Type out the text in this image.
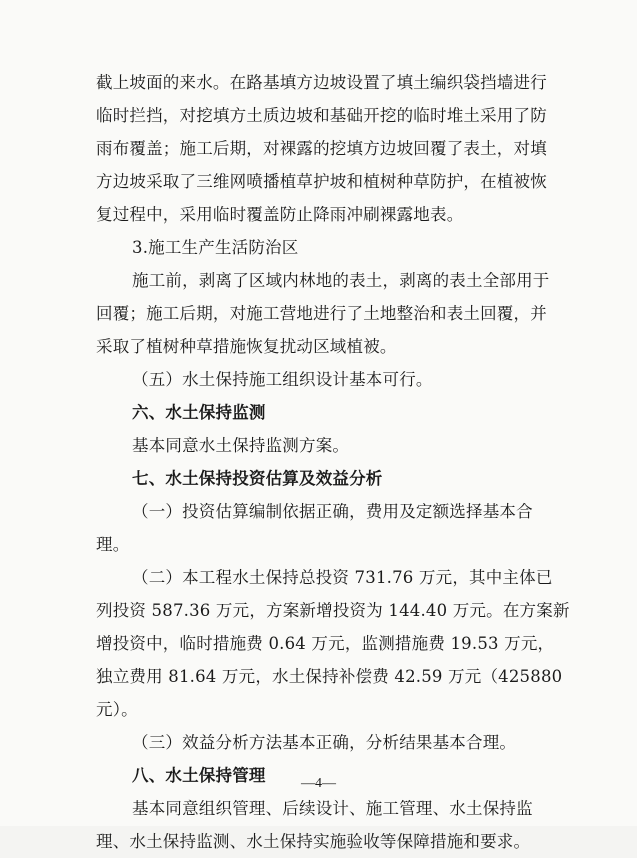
截上坡面的来水。在路基填方边坡设置了填土编织袋挡墙进行

临时拦挡，对挖填方土质边坡和基础开挖的临时堆土采用了防

雨布覆盖；施工后期，对裸露的挖填方边坡回覆了表土，对填

方边坡采取了三维网喷播植草护坡和植树种草防护，在植被恢

复过程中，采用临时覆盖防止降雨冲刷裸露地表。

3.施工生产生活防治区

施工前，剥离了区域内林地的表土，剥离的表土全部用于

回覆；施工后期，对施工营地进行了土地整治和表土回覆，并

采取了植树种草措施恢复扰动区域植被。

（五）水土保持施工组织设计基本可行。

六、水土保持监测

基本同意水土保持监测方案。

七、水土保持投资估算及效益分析

（一）投资估算编制依据正确，费用及定额选择基本合

理。

（二）本工程水土保持总投资 731.76 万元，其中主体已

列投资 587.36 万元，方案新增投资为 144.40 万元。在方案新

增投资中，临时措施费 0.64 万元，监测措施费 19.53 万元，

独立费用 81.64 万元，水土保持补偿费 42.59 万元（425880

元）。

（三）效益分析方法基本正确，分析结果基本合理。

八、水土保持管理

基本同意组织管理、后续设计、施工管理、水土保持监

理、水土保持监测、水土保持实施验收等保障措施和要求。

—4—
